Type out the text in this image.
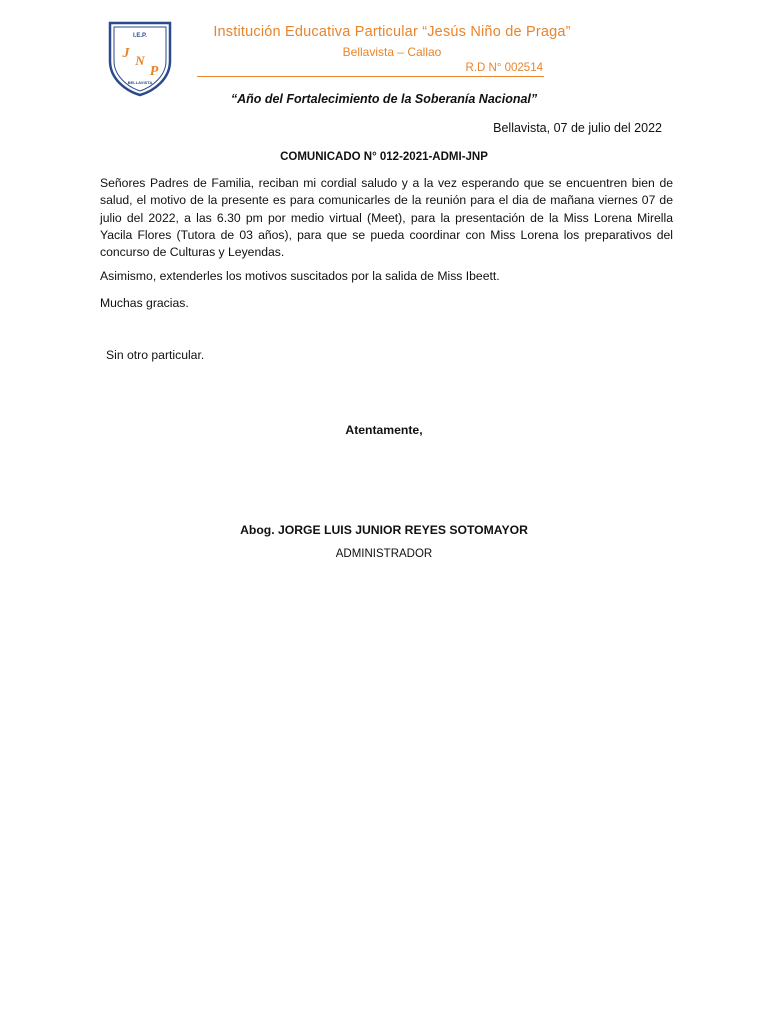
I.E.P.
J N
P
BELLAVISTA
Institución Educativa Particular “Jesús Niño de Praga”
Bellavista – Callao
R.D N° 002514
“Año del Fortalecimiento de la Soberanía Nacional”
Bellavista, 07 de julio del 2022
COMUNICADO N° 012-2021-ADMI-JNP
Señores Padres de Familia, reciban mi cordial saludo y a la vez esperando que se encuentren bien de salud, el motivo de la presente es para comunicarles de la reunión para el dia de mañana viernes 07 de julio del 2022, a las 6.30 pm por medio virtual (Meet), para la presentación de la Miss Lorena Mirella Yacila Flores (Tutora de 03 años), para que se pueda coordinar con Miss Lorena los preparativos del concurso de Culturas y Leyendas.
Asimismo, extenderles los motivos suscitados por la salida de Miss Ibeett.
Muchas gracias.
Sin otro particular.
Atentamente,
Abog. JORGE LUIS JUNIOR REYES SOTOMAYOR
ADMINISTRADOR
